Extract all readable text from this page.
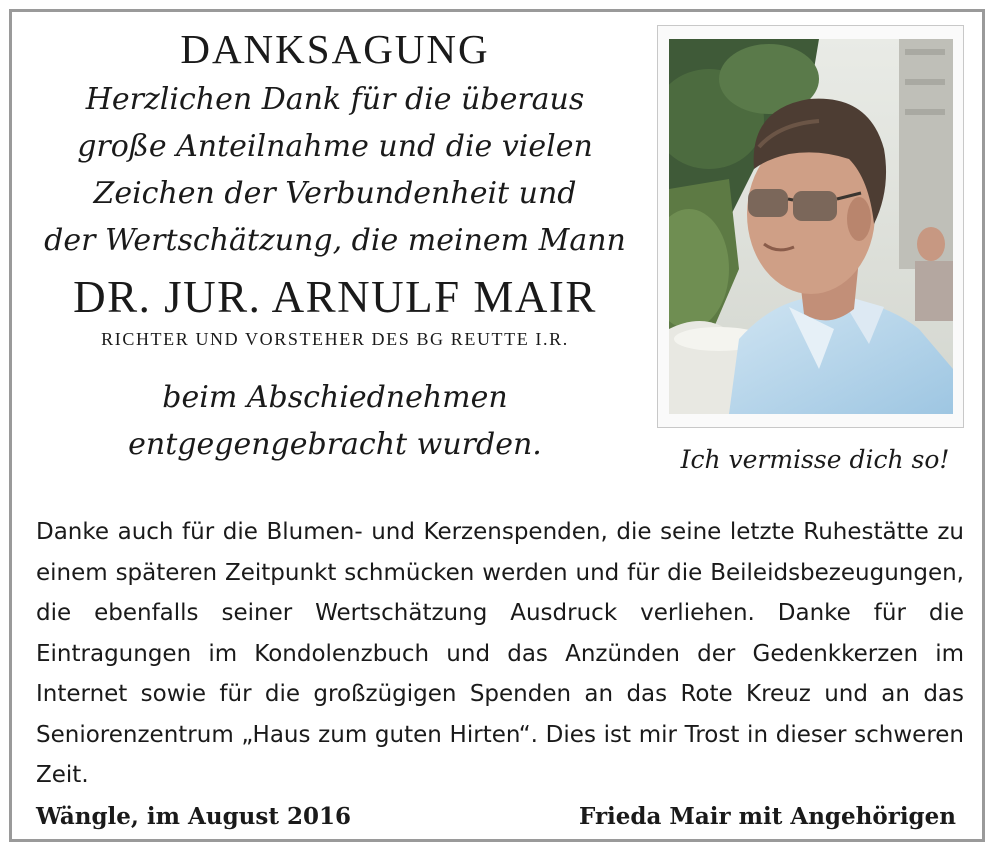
DANKSAGUNG

Herzlichen Dank für die überaus

große Anteilnahme und die vielen

Zeichen der Verbundenheit und

der Wertschätzung, die meinem Mann

DR. JUR. ARNULF MAIR

RICHTER UND VORSTEHER DES BG REUTTE I.R.

beim Abschiednehmen

entgegengebracht wurden.	Ich vermisse dich so!

Danke auch für die Blumen- und Kerzenspenden, die seine letzte Ruhestätte zu einem späteren Zeitpunkt schmücken werden und für die Beileidsbezeugungen, die ebenfalls seiner Wertschätzung Ausdruck verliehen. Danke für die Eintragungen im Kondolenzbuch und das Anzünden der Gedenkkerzen im Internet sowie für die großzügigen Spenden an das Rote Kreuz und an das Seniorenzentrum „Haus zum guten Hirten“. Dies ist mir Trost in dieser schweren Zeit.

Wängle, im August 2016	Frieda Mair mit Angehörigen
